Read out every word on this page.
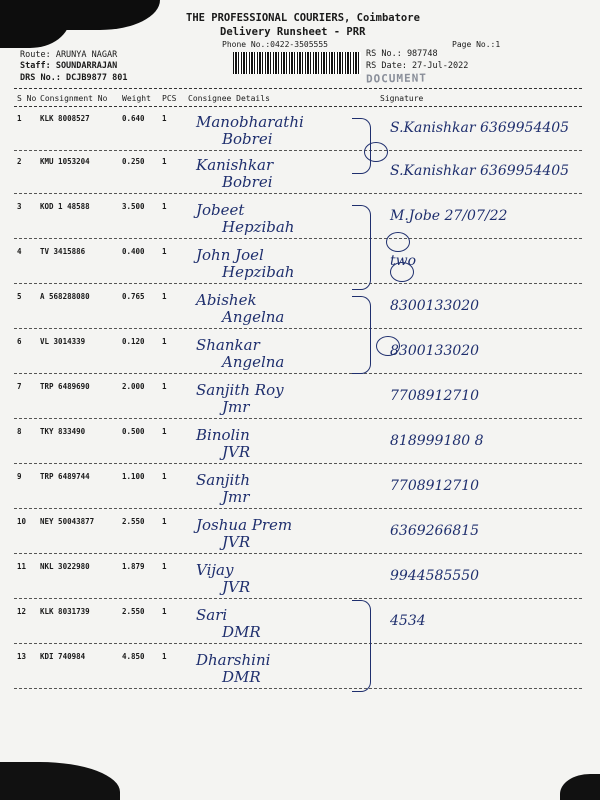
THE PROFESSIONAL COURIERS, Coimbatore
Delivery Runsheet - PRR
Phone No.:0422-3505555	Page No.:1
Route: ARUNYA NAGAR
Staff: SOUNDARRAJAN
DRS No.: DCJB9877 801
RS No.: 987748
RS Date: 27-Jul-2022
DOCUMENT
S No Consignment No Weight PCS Consignee Details	Signature
1 KLK 8008527	0.640 1 Manobharathi
Bobrei
S.Kanishkar 6369954405
2 KMU 1053204	0.250 1 Kanishkar
Bobrei
S.Kanishkar 6369954405
3 KOD 1 48588	3.500 1 Jobeet
Hepzibah
M.Jobe 27/07/22
4 TV 3415886	0.400 1 John Joel
Hepzibah
two
5 A 568288080	0.765 1 Abishek
Angelna
8300133020
6 VL 3014339	0.120 1 Shankar
Angelna
8300133020
7 TRP 6489690	2.000 1 Sanjith Roy
Jmr
7708912710
8 TKY 833490	0.500 1 Binolin
JVR
818999180 8
9 TRP 6489744	1.100 1 Sanjith
Jmr
7708912710
10 NEY 50043877	2.550 1 Joshua Prem
JVR
6369266815
11 NKL 3022980	1.879 1 Vijay
JVR
9944585550
12 KLK 8031739	2.550 1 Sari
DMR
4534
13 KDI 740984	4.850 1 Dharshini
DMR
